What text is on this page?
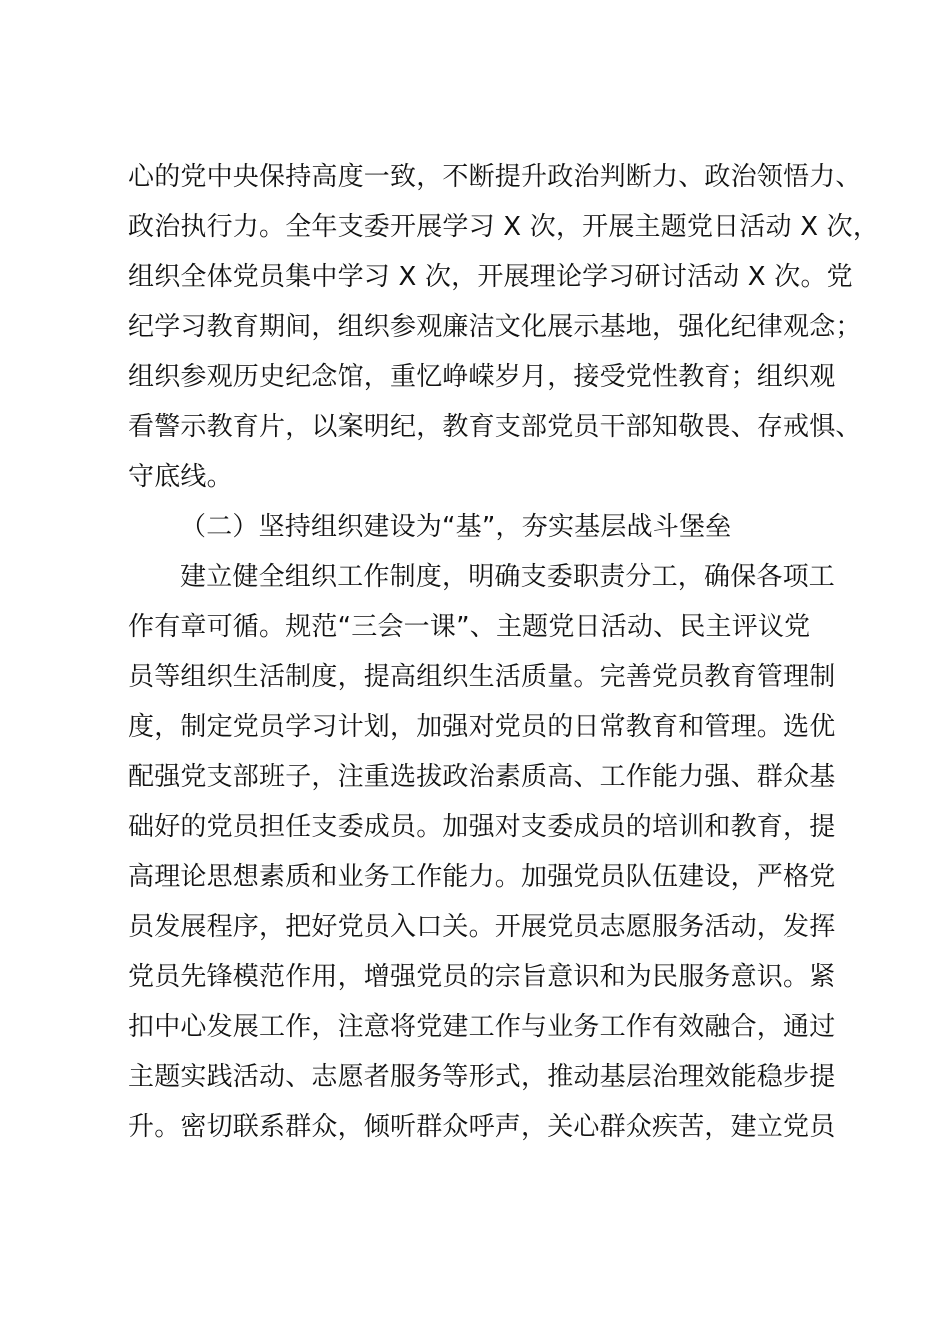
心的党中央保持高度一致，不断提升政治判断力、政治领悟力、
政治执行力。全年支委开展学习 X 次，开展主题党日活动 X 次，
组织全体党员集中学习 X 次，开展理论学习研讨活动 X 次。党
纪学习教育期间，组织参观廉洁文化展示基地，强化纪律观念；
组织参观历史纪念馆，重忆峥嵘岁月，接受党性教育；组织观
看警示教育片，以案明纪，教育支部党员干部知敬畏、存戒惧、
守底线。
（二）坚持组织建设为“基”，夯实基层战斗堡垒
建立健全组织工作制度，明确支委职责分工，确保各项工
作有章可循。规范“三会一课”、主题党日活动、民主评议党
员等组织生活制度，提高组织生活质量。完善党员教育管理制
度，制定党员学习计划，加强对党员的日常教育和管理。选优
配强党支部班子，注重选拔政治素质高、工作能力强、群众基
础好的党员担任支委成员。加强对支委成员的培训和教育，提
高理论思想素质和业务工作能力。加强党员队伍建设，严格党
员发展程序，把好党员入口关。开展党员志愿服务活动，发挥
党员先锋模范作用，增强党员的宗旨意识和为民服务意识。紧
扣中心发展工作，注意将党建工作与业务工作有效融合，通过
主题实践活动、志愿者服务等形式，推动基层治理效能稳步提
升。密切联系群众，倾听群众呼声，关心群众疾苦，建立党员
